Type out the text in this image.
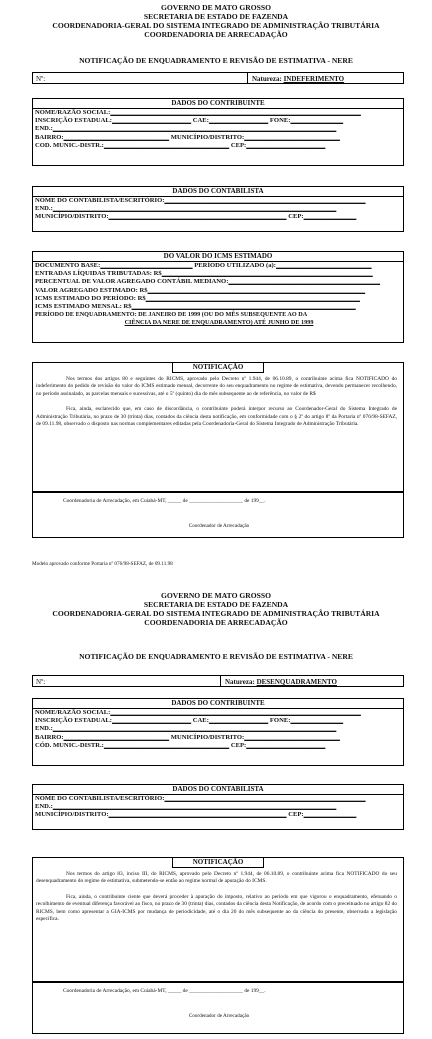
GOVERNO DE MATO GROSSO
SECRETARIA DE ESTADO DE FAZENDA
COORDENADORIA-GERAL DO SISTEMA INTEGRADO DE ADMINISTRAÇÃO TRIBUTÁRIA
COORDENADORIA DE ARRECADAÇÃO
NOTIFICAÇÃO DE ENQUADRAMENTO E REVISÃO DE ESTIMATIVA - NERE
Nº:	Natureza: INDEFERIMENTO
DADOS DO CONTRIBUINTE
NOME/RAZÃO SOCIAL:____________________________________________________________________________
INSCRIÇÃO ESTADUAL:________________________ CAE:__________________ FONE:________________
END.:______________________________________________________________________________________
BAIRRO:________________________________ MUNICÍPIO/DISTRITO:_____________________________
COD. MUNIC.-DISTR.:______________________________________ CEP:________________________
DADOS DO CONTABILISTA
NOME DO CONTABILISTA/ESCRITÓRIO:_____________________________________________________________
END.:______________________________________________________________________________________
MUNICÍPIO/DISTRITO:______________________________________________________ CEP:________________
DO VALOR DO ICMS ESTIMADO
DOCUMENTO BASE:____________________________ PERÍODO UTILIZADO (a):_____________________________
ENTRADAS LÍQUIDAS TRIBUTADAS: R$________________________________________________________________
PERCENTUAL DE VALOR AGREGADO CONTÁBIL MEDIANO:______________________________________________
VALOR AGREGADO ESTIMADO: R$__________________________________________________________________
ICMS ESTIMADO DO PERÍODO: R$_________________________________________________________________
ICMS ESTIMADO MENSAL: R$____________________________________________________________________
PERÍODO DE ENQUADRAMENTO: DE JANEIRO DE 1999 (OU DO MÊS SUBSEQUENTE AO DA
CIÊNCIA DA NERE DE ENQUADRAMENTO) ATÉ JUNHO DE 1999
NOTIFICAÇÃO
Nos termos dos artigos 80 e seguintes do RICMS, aprovado pelo Decreto nº 1.944, de 06.10.89, o contribuinte acima fica NOTIFICADO do indeferimento do pedido de revisão do valor do ICMS estimado mensal, decorrente do seu enquadramento no regime de estimativa, devendo permanecer recolhendo, no período assinalado, as parcelas mensais e sucessivas, até o 5º (quinto) dia do mês subsequente ao de referência, no valor de R$
Fica, ainda, esclarecido que, em caso de discordância, o contribuinte poderá interpor recurso ao Coordenador-Geral do Sistema Integrado de Administração Tributária, no prazo de 30 (trinta) dias, contados da ciência desta notificação, em conformidade com o § 2º do artigo 8º da Portaria nº 076/98-SEFAZ, de 09.11.98, observado o disposto nas normas complementares editadas pela Coordenadoria-Geral do Sistema Integrado de Administração Tributária.
Coordenadoria de Arrecadação, em Cuiabá-MT, _____ de ____________________ de 199__.
Coordenador de Arrecadação
Modelo aprovado conforme Portaria nº 076/98-SEFAZ, de 09.11.98
GOVERNO DE MATO GROSSO
SECRETARIA DE ESTADO DE FAZENDA
COORDENADORIA-GERAL DO SISTEMA INTEGRADO DE ADMINISTRAÇÃO TRIBUTÁRIA
COORDENADORIA DE ARRECADAÇÃO
NOTIFICAÇÃO DE ENQUADRAMENTO E REVISÃO DE ESTIMATIVA - NERE
Nº:	Natureza: DESENQUADRAMENTO
DADOS DO CONTRIBUINTE
NOME/RAZÃO SOCIAL:____________________________________________________________________________
INSCRIÇÃO ESTADUAL:________________________ CAE:__________________ FONE:________________
END.:______________________________________________________________________________________
BAIRRO:________________________________ MUNICÍPIO/DISTRITO:_____________________________
CÓD. MUNIC.-DISTR.:______________________________________ CEP:________________________
DADOS DO CONTABILISTA
NOME DO CONTABILISTA/ESCRITÓRIO:_____________________________________________________________
END.:______________________________________________________________________________________
MUNICÍPIO/DISTRITO:______________________________________________________ CEP:________________
NOTIFICAÇÃO
Nos termos do artigo 83, inciso III, do RICMS, aprovado pelo Decreto nº 1.944, de 06.10.89, o contribuinte acima fica NOTIFICADO do seu desenquadramento do regime de estimativa, submetendo-se então ao regime normal de apuração do ICMS.
Fica, ainda, o contribuinte ciente que deverá proceder à apuração do imposto, relativo ao período em que vigorou o enquadramento, efetuando o recolhimento de eventual diferença favorável ao fisco, no prazo de 30 (trinta) dias, contados da ciência desta Notificação, de acordo com o preceituado no artigo 82 do RICMS, bem como apresentar a GIA-ICMS por mudança de periodicidade, até o dia 20 do mês subsequente ao da ciência do presente, observada a legislação específica.
Coordenadoria de Arrecadação, em Cuiabá-MT, _____ de ____________________ de 199__.
Coordenador de Arrecadação
